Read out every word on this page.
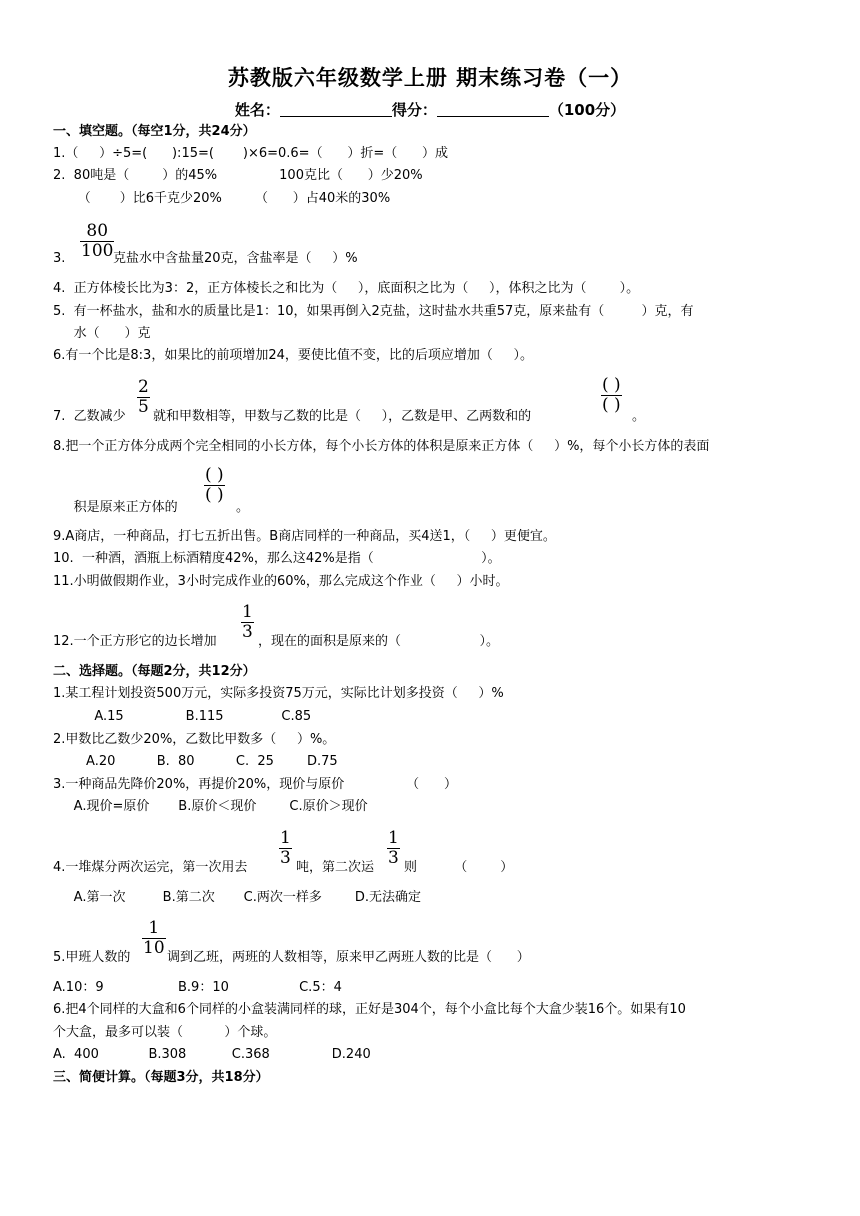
苏教版六年级数学上册 期末练习卷（一）
姓名：	得分：	（100分）
一、填空题。（每空1分，共24分）
1.（     ）÷5=(      ):15=(       )×6=0.6=（      ）折=（      ）成
2.  80吨是（        ）的45%               100克比（      ）少20%
（       ）比6千克少20%        （      ）占40米的30%
3. $\frac{80}{100}$
克盐水中含盐量20克，含盐率是（     ）%
4.  正方体棱长比为3：2，正方体棱长之和比为（     ），底面积之比为（     ），体积之比为（        ）。
5.  有一杯盐水，盐和水的质量比是1：10，如果再倒入2克盐，这时盐水共重57克，原来盐有（         ）克，有
水（      ）克
6.有一个比是8:3，如果比的前项增加24，要使比值不变，比的后项应增加（     ）。
7.  乙数减少 $\frac{2}{5}$ 就和甲数相等，甲数与乙数的比是（     ），乙数是甲、乙两数和的
( )
( )
。
8.把一个正方体分成两个完全相同的小长方体，每个小长方体的体积是原来正方体（     ）%，每个小长方体的表面
积是原来正方体的
( )
( )
。
9.A商店，一种商品，打七五折出售。B商店同样的一种商品，买4送1，（     ）更便宜。
10.  一种酒，酒瓶上标酒精度42%，那么这42%是指（                          ）。
11.小明做假期作业，3小时完成作业的60%，那么完成这个作业（     ）小时。
12.一个正方形它的边长增加 $\frac{1}{3}$ ，现在的面积是原来的（                   ）。
二、选择题。（每题2分，共12分）
1.某工程计划投资500万元，实际多投资75万元，实际比计划多投资（     ）%
A.15               B.115              C.85
2.甲数比乙数少20%，乙数比甲数多（     ）%。
A.20          B.  80          C.  25        D.75
3.一种商品先降价20%，再提价20%，现价与原价               （      ）
A.现价=原价       B.原价＜现价        C.原价＞现价
4.一堆煤分两次运完，第一次用去 $\frac{1}{3}$ 吨，第二次运 $\frac{1}{3}$ 则         （        ）
A.第一次         B.第二次       C.两次一样多        D.无法确定
5.甲班人数的 $\frac{1}{10}$ 调到乙班，两班的人数相等，原来甲乙两班人数的比是（      ）
A.10：9                  B.9：10                 C.5：4
6.把4个同样的大盒和6个同样的小盒装满同样的球，正好是304个，每个小盒比每个大盒少装16个。如果有10
个大盒，最多可以装（          ）个球。
A.  400            B.308           C.368               D.240
三、简便计算。（每题3分，共18分）
